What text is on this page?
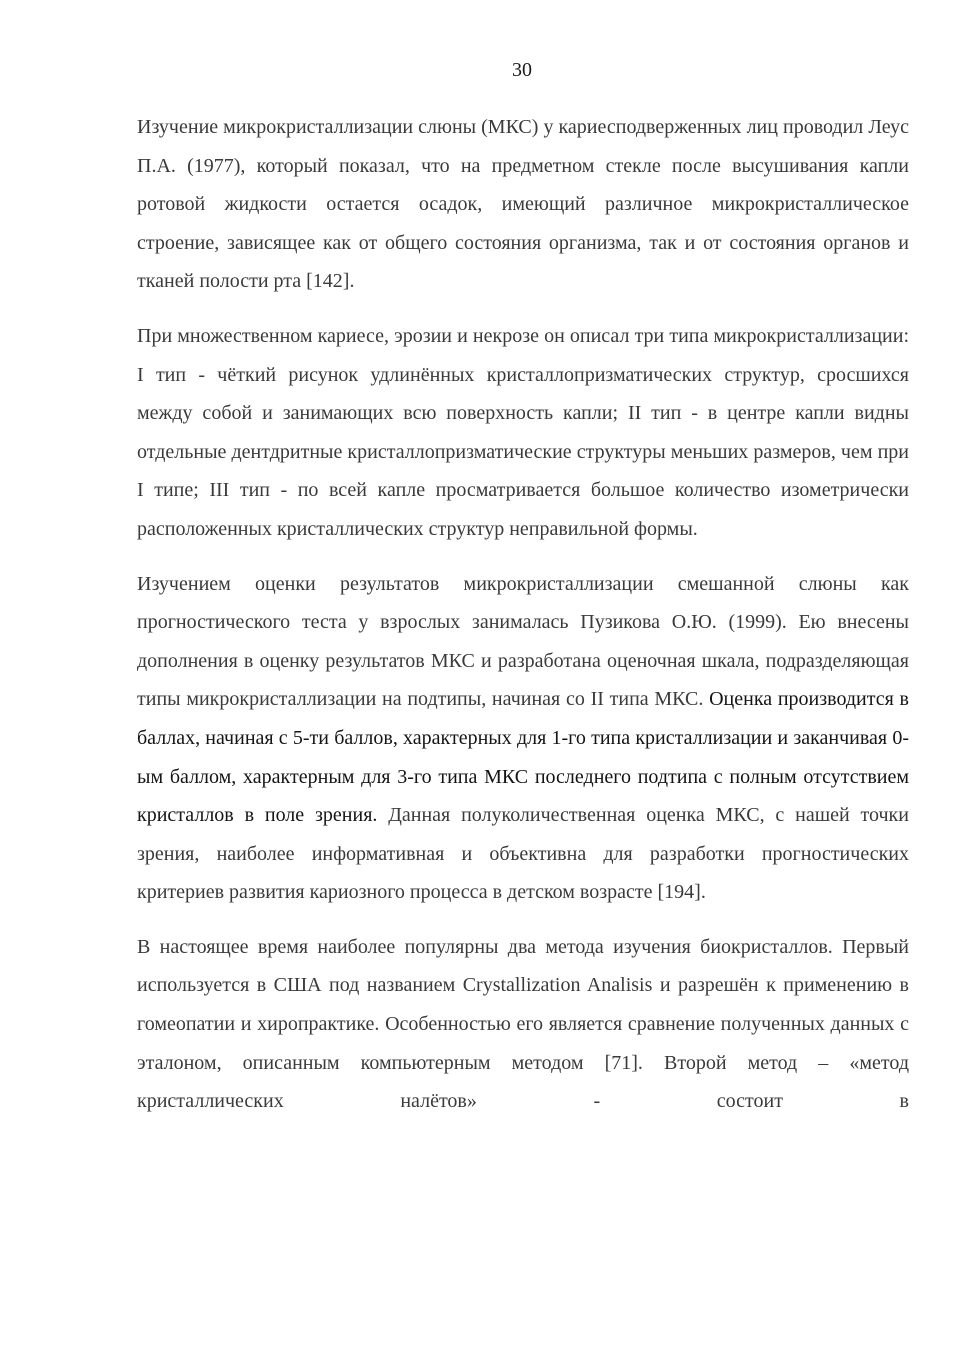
30

Изучение микрокристаллизации слюны (МКС) у кариесподверженных лиц проводил Леус П.А. (1977), который показал, что на предметном стекле после высушивания капли ротовой жидкости остается осадок, имеющий различное микрокристаллическое строение, зависящее как от общего состояния организма, так и от состояния органов и тканей полости рта [142].

При множественном кариесе, эрозии и некрозе он описал три типа микрокристаллизации: I тип - чёткий рисунок удлинённых кристаллопризматических структур, сросшихся между собой и занимающих всю поверхность капли; II тип - в центре капли видны отдельные дентдритные кристаллопризматические структуры меньших размеров, чем при I типе; III тип - по всей капле просматривается большое количество изометрически расположенных кристаллических структур неправильной формы.

Изучением оценки результатов микрокристаллизации смешанной слюны как прогностического теста у взрослых занималась Пузикова О.Ю. (1999). Ею внесены дополнения в оценку результатов МКС и разработана оценочная шкала, подразделяющая типы микрокристаллизации на подтипы, начиная со II типа МКС. Оценка производится в баллах, начиная с 5-ти баллов, характерных для 1-го типа кристаллизации и заканчивая 0-ым баллом, характерным для 3-го типа МКС последнего подтипа с полным отсутствием кристаллов в поле зрения. Данная полуколичественная оценка МКС, с нашей точки зрения, наиболее информативная и объективна для разработки прогностических критериев развития кариозного процесса в детском возрасте [194].

В настоящее время наиболее популярны два метода изучения биокристаллов. Первый используется в США под названием Crystallization Analisis и разрешён к применению в гомеопатии и хиропрактике. Особенностью его является сравнение полученных данных с эталоном, описанным компьютерным методом [71]. Второй метод – «метод кристаллических налётов» - состоит в
